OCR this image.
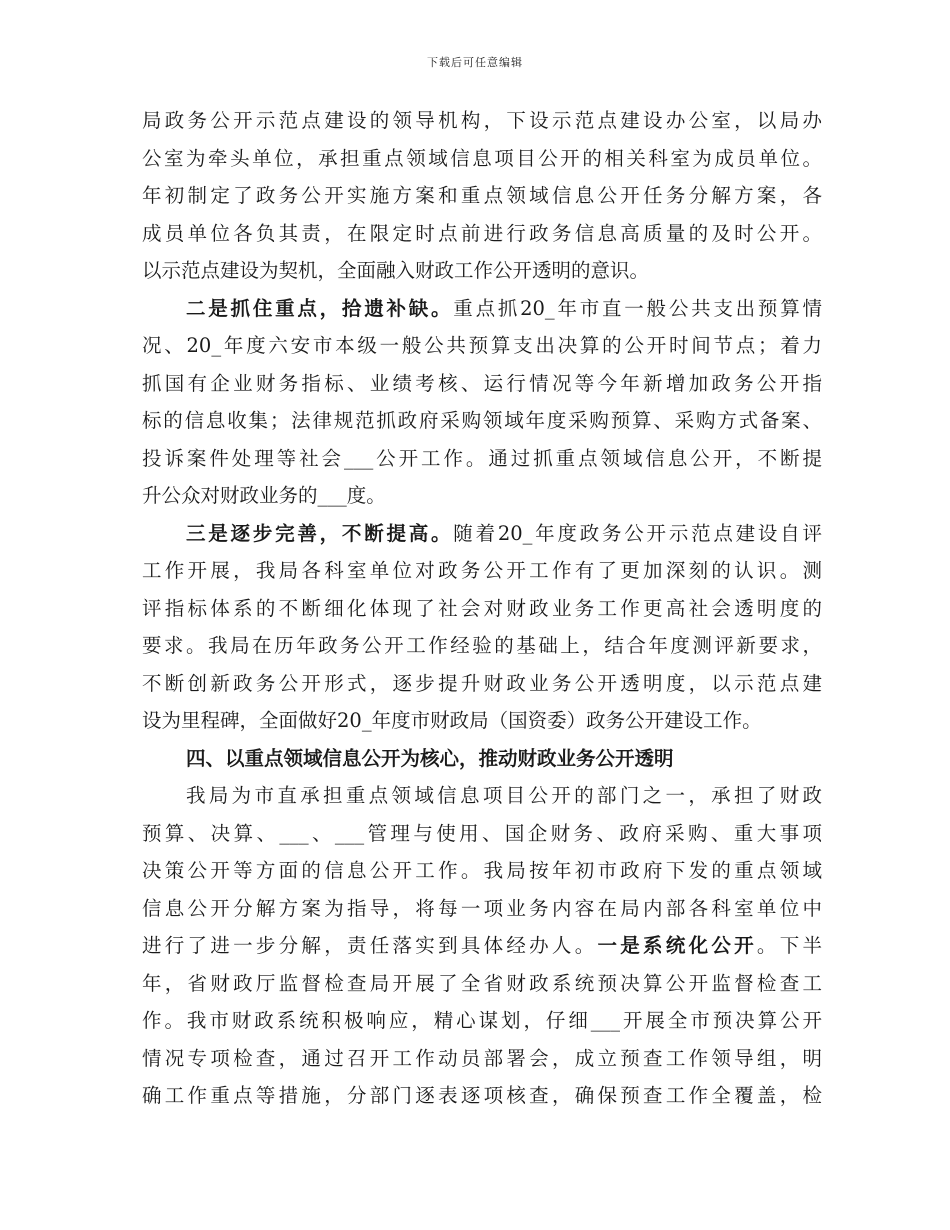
下载后可任意编辑
局政务公开示范点建设的领导机构，下设示范点建设办公室，以局办
公室为牵头单位，承担重点领域信息项目公开的相关科室为成员单位。
年初制定了政务公开实施方案和重点领域信息公开任务分解方案，各
成员单位各负其责，在限定时点前进行政务信息高质量的及时公开。
以示范点建设为契机，全面融入财政工作公开透明的意识。
二是抓住重点，拾遗补缺。重点抓20_年市直一般公共支出预算情
况、20_年度六安市本级一般公共预算支出决算的公开时间节点；着力
抓国有企业财务指标、业绩考核、运行情况等今年新增加政务公开指
标的信息收集；法律规范抓政府采购领域年度采购预算、采购方式备案、
投诉案件处理等社会___公开工作。通过抓重点领域信息公开，不断提
升公众对财政业务的___度。
三是逐步完善，不断提高。随着20_年度政务公开示范点建设自评
工作开展，我局各科室单位对政务公开工作有了更加深刻的认识。测
评指标体系的不断细化体现了社会对财政业务工作更高社会透明度的
要求。我局在历年政务公开工作经验的基础上，结合年度测评新要求，
不断创新政务公开形式，逐步提升财政业务公开透明度，以示范点建
设为里程碑，全面做好20_年度市财政局（国资委）政务公开建设工作。
四、以重点领域信息公开为核心，推动财政业务公开透明
我局为市直承担重点领域信息项目公开的部门之一，承担了财政
预算、决算、___、___管理与使用、国企财务、政府采购、重大事项
决策公开等方面的信息公开工作。我局按年初市政府下发的重点领域
信息公开分解方案为指导，将每一项业务内容在局内部各科室单位中
进行了进一步分解，责任落实到具体经办人。一是系统化公开。下半
年，省财政厅监督检查局开展了全省财政系统预决算公开监督检查工
作。我市财政系统积极响应，精心谋划，仔细___开展全市预决算公开
情况专项检查，通过召开工作动员部署会，成立预查工作领导组，明
确工作重点等措施，分部门逐表逐项核查，确保预查工作全覆盖，检
